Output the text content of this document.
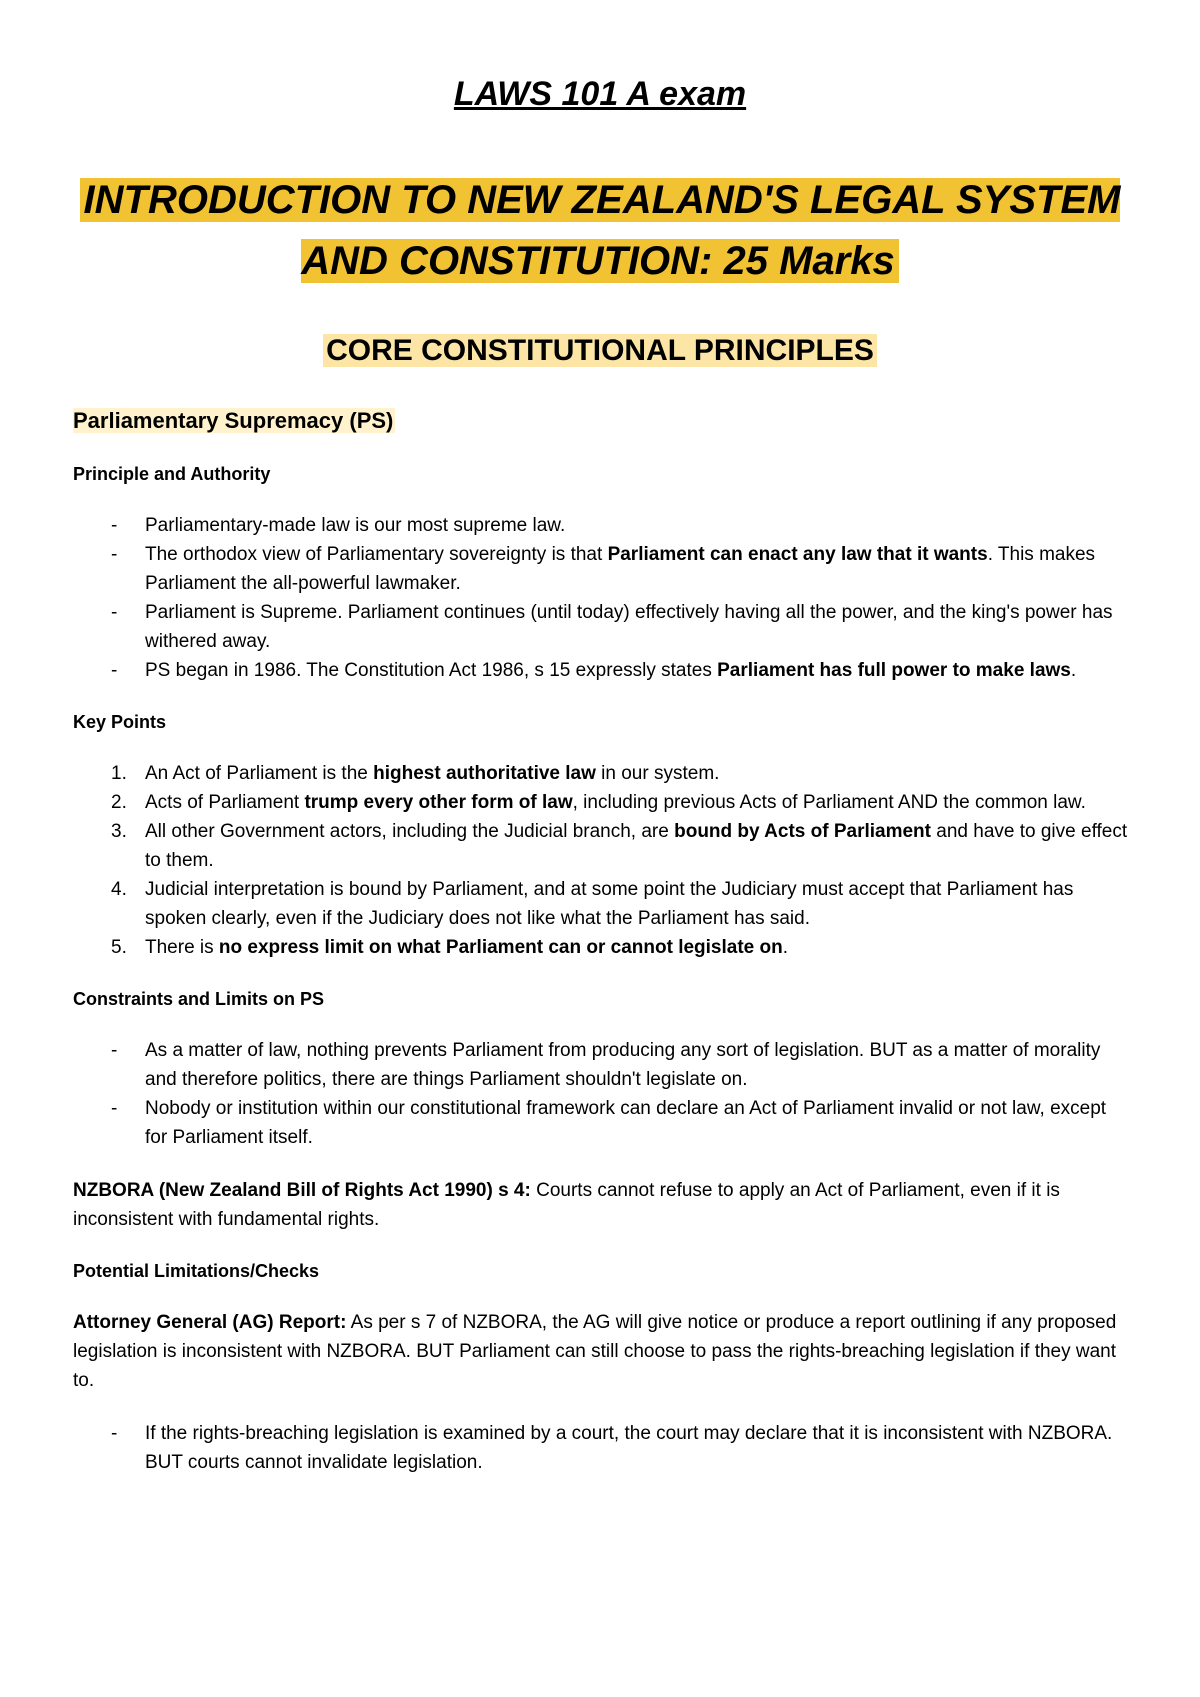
LAWS 101 A exam
INTRODUCTION TO NEW ZEALAND'S LEGAL SYSTEM AND CONSTITUTION: 25 Marks
CORE CONSTITUTIONAL PRINCIPLES
Parliamentary Supremacy (PS)
Principle and Authority
- Parliamentary-made law is our most supreme law.
- The orthodox view of Parliamentary sovereignty is that Parliament can enact any law that it wants. This makes Parliament the all-powerful lawmaker.
- Parliament is Supreme. Parliament continues (until today) effectively having all the power, and the king's power has withered away.
- PS began in 1986. The Constitution Act 1986, s 15 expressly states Parliament has full power to make laws.
Key Points
1. An Act of Parliament is the highest authoritative law in our system.
2. Acts of Parliament trump every other form of law, including previous Acts of Parliament AND the common law.
3. All other Government actors, including the Judicial branch, are bound by Acts of Parliament and have to give effect to them.
4. Judicial interpretation is bound by Parliament, and at some point the Judiciary must accept that Parliament has spoken clearly, even if the Judiciary does not like what the Parliament has said.
5. There is no express limit on what Parliament can or cannot legislate on.
Constraints and Limits on PS
- As a matter of law, nothing prevents Parliament from producing any sort of legislation. BUT as a matter of morality and therefore politics, there are things Parliament shouldn't legislate on.
- Nobody or institution within our constitutional framework can declare an Act of Parliament invalid or not law, except for Parliament itself.

NZBORA (New Zealand Bill of Rights Act 1990) s 4: Courts cannot refuse to apply an Act of Parliament, even if it is inconsistent with fundamental rights.

Potential Limitations/Checks

Attorney General (AG) Report: As per s 7 of NZBORA, the AG will give notice or produce a report outlining if any proposed legislation is inconsistent with NZBORA. BUT Parliament can still choose to pass the rights-breaching legislation if they want to.

- If the rights-breaching legislation is examined by a court, the court may declare that it is inconsistent with NZBORA. BUT courts cannot invalidate legislation.
